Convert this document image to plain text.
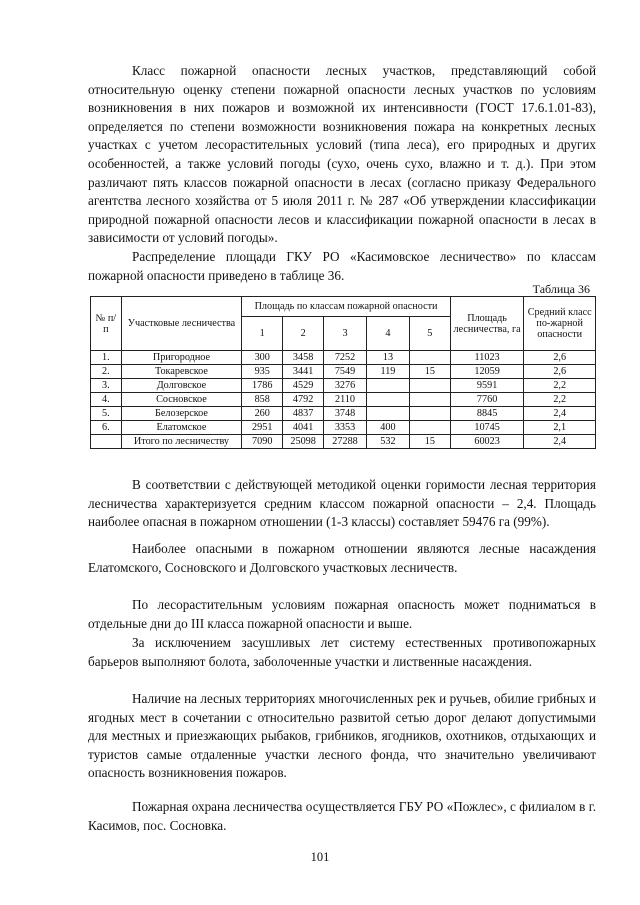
Класс пожарной опасности лесных участков, представляющий собой относительную оценку степени пожарной опасности лесных участков по условиям возникновения в них пожаров и возможной их интенсивности (ГОСТ 17.6.1.01-83), определяется по степени возможности возникновения пожара на конкретных лесных участках с учетом лесорастительных условий (типа леса), его природных и других особенностей, а также условий погоды (сухо, очень сухо, влажно и т. д.). При этом различают пять классов пожарной опасности в лесах (согласно приказу Федерального агентства лесного хозяйства от 5 июля 2011 г. № 287 «Об утверждении классификации природной пожарной опасности лесов и классификации пожарной опасности в лесах в зависимости от условий погоды».

Распределение площади ГКУ РО «Касимовское лесничество» по классам пожарной опасности приведено в таблице 36.

Таблица 36
№ п/п	Участковые лесничества	Площадь по классам пожарной опасности					Площадь лесничества, га	Средний класс по-жарной опасности
		1	2	3	4	5		
1.	Пригородное	300	3458	7252	13		11023	2,6
2.	Токаревское	935	3441	7549	119	15	12059	2,6
3.	Долговское	1786	4529	3276			9591	2,2
4.	Сосновское	858	4792	2110			7760	2,2
5.	Белозерское	260	4837	3748			8845	2,4
6.	Елатомское	2951	4041	3353	400		10745	2,1
	Итого по лесничеству	7090	25098	27288	532	15	60023	2,4

В соответствии с действующей методикой оценки горимости лесная территория лесничества характеризуется средним классом пожарной опасности – 2,4. Площадь наиболее опасная в пожарном отношении (1-3 классы) составляет 59476 га (99%).

Наиболее опасными в пожарном отношении являются лесные насаждения Елатомского, Сосновского и Долговского участковых лесничеств.

По лесорастительным условиям пожарная опасность может подниматься в отдельные дни до III класса пожарной опасности и выше.

За исключением засушливых лет систему естественных противопожарных барьеров выполняют болота, заболоченные участки и лиственные насаждения.

Наличие на лесных территориях многочисленных рек и ручьев, обилие грибных и ягодных мест в сочетании с относительно развитой сетью дорог делают допустимыми для местных и приезжающих рыбаков, грибников, ягодников, охотников, отдыхающих и туристов самые отдаленные участки лесного фонда, что значительно увеличивают опасность возникновения пожаров.

Пожарная охрана лесничества осуществляется ГБУ РО «Пожлес», с филиалом в г. Касимов, пос. Сосновка.

101
